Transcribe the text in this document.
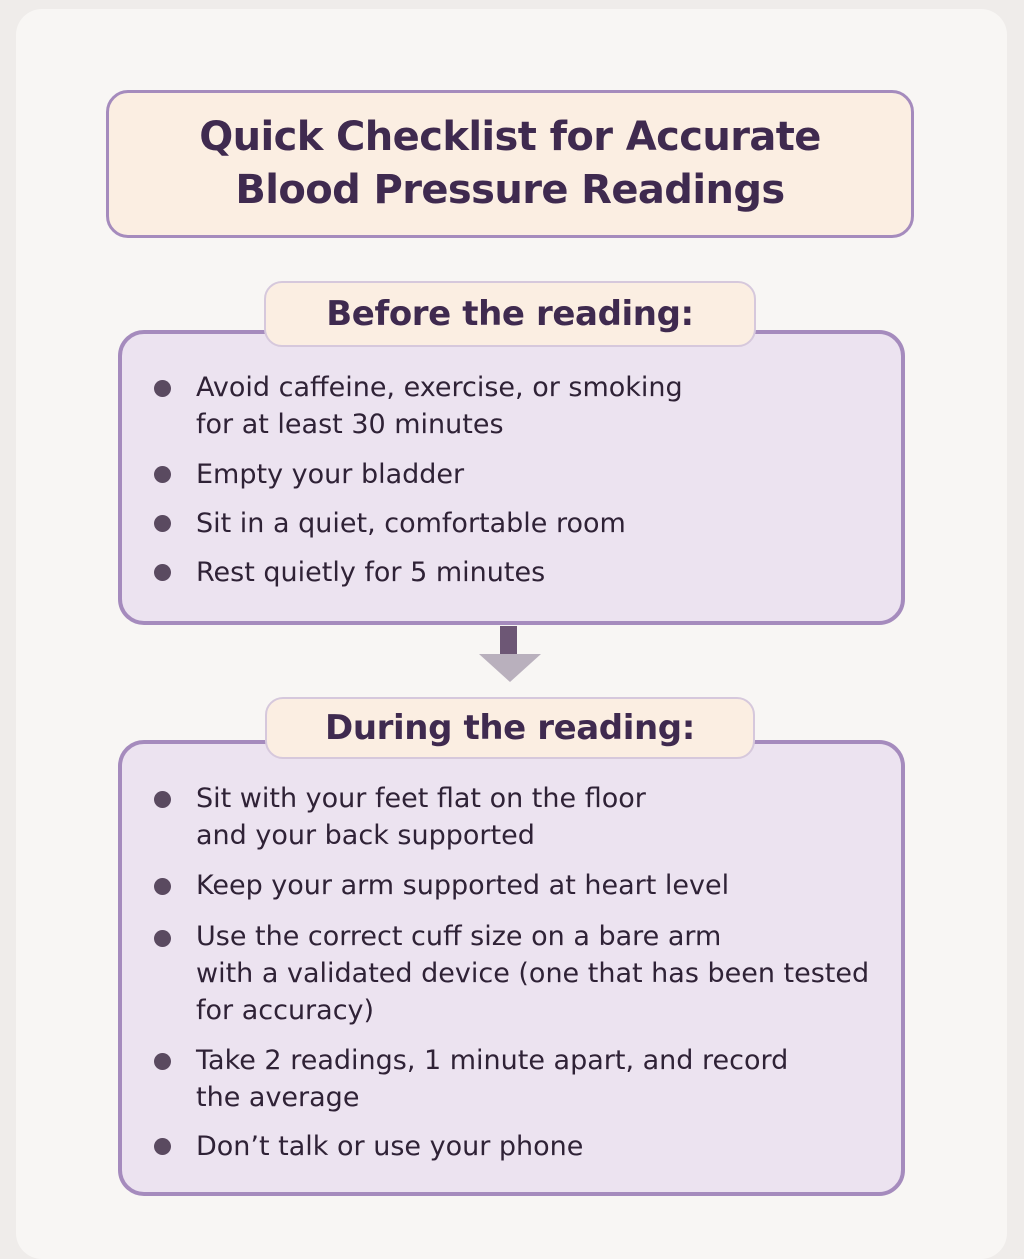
Quick Checklist for Accurate
Blood Pressure Readings
Before the reading:
Avoid caffeine, exercise, or smoking
for at least 30 minutes
Empty your bladder
Sit in a quiet, comfortable room
Rest quietly for 5 minutes
During the reading:
Sit with your feet flat on the floor
and your back supported
Keep your arm supported at heart level
Use the correct cuff size on a bare arm
with a validated device (one that has been tested
for accuracy)
Take 2 readings, 1 minute apart, and record
the average
Don’t talk or use your phone
